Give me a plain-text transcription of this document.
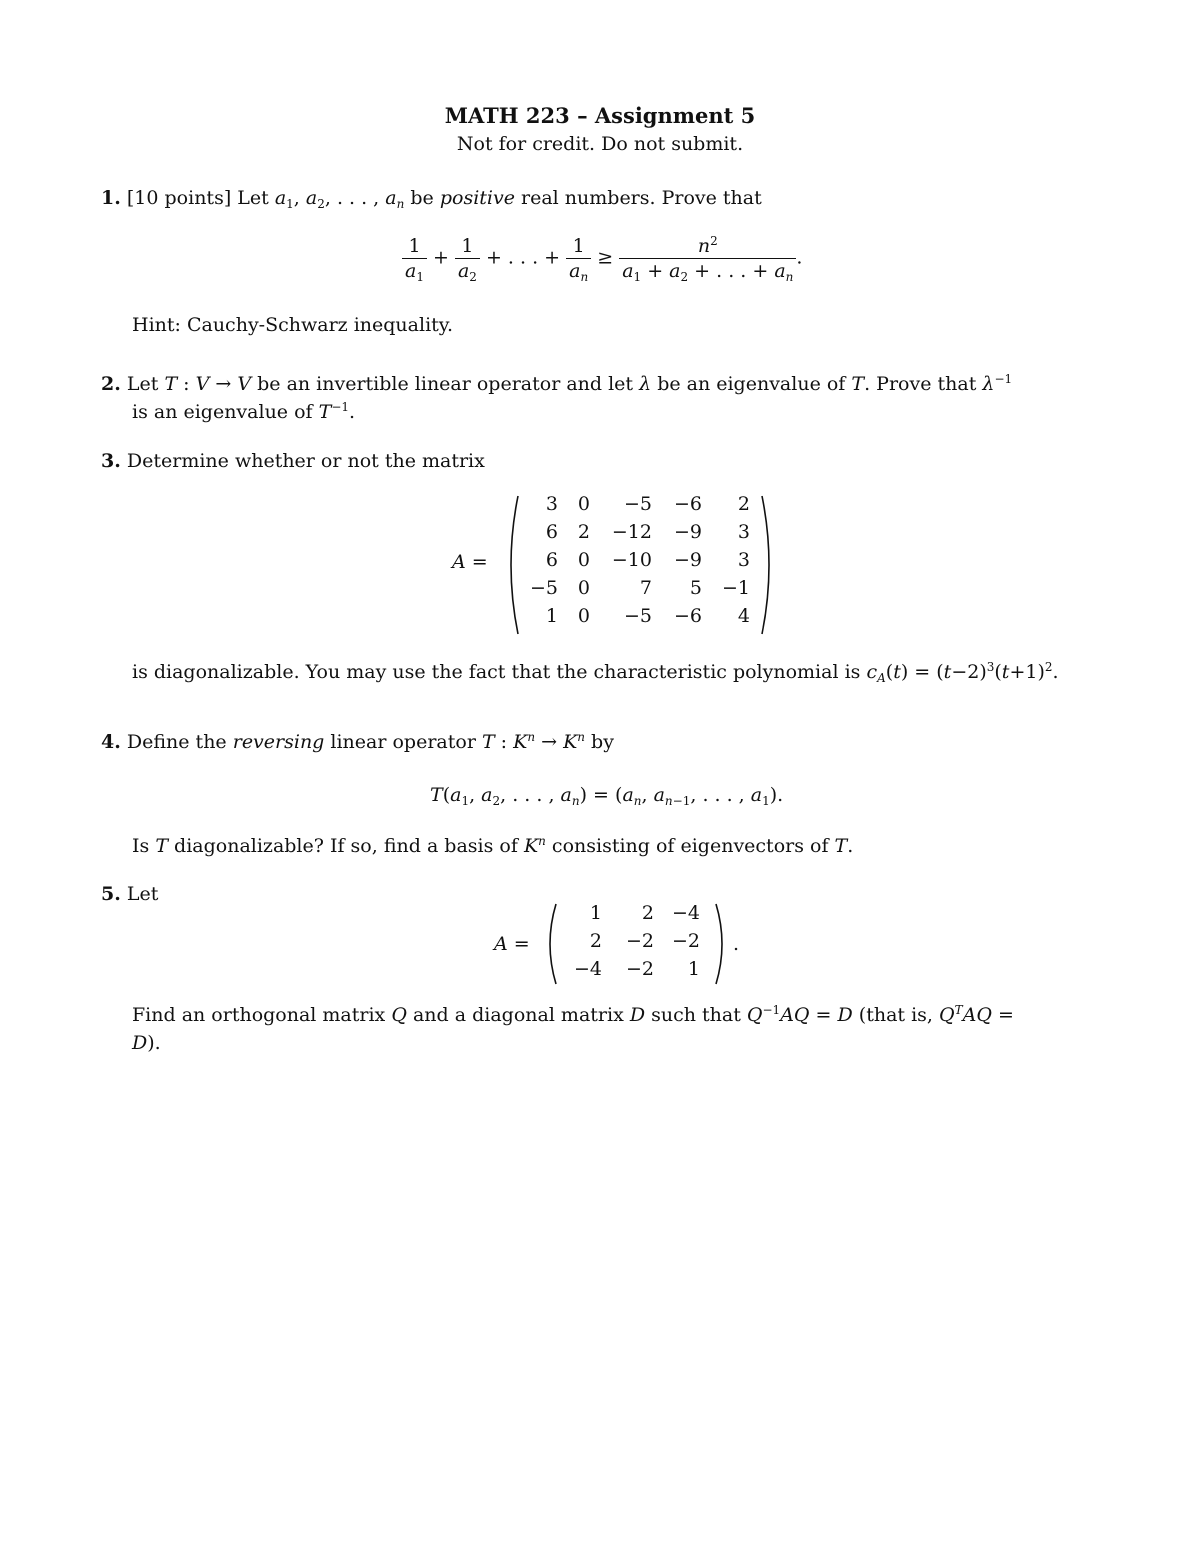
MATH 223 – Assignment 5
Not for credit. Do not submit.
1. [10 points] Let $a_1$, $a_2$, . . . , $a_n$ be positive real numbers. Prove that
$\frac{1}{a_1} + \frac{1}{a_2}$ + . . . + $\frac{1}{a_n} \ge \frac{n^2}{a_1 + a_2 + . . . + a_n}$ .
Hint: Cauchy-Schwarz inequality.
2. Let T : V → V be an invertible linear operator and let λ be an eigenvalue of T. Prove that $\lambda^{-1}$
is an eigenvalue of $T^{-1}$.
3. Determine whether or not the matrix
A =
3	0	−5	−6	2
6	2	−12	−9	3
6	0	−10	−9	3
−5	0	7	5	−1
1	0	−5	−6	4
is diagonalizable. You may use the fact that the characteristic polynomial is $c_A(t) = (t-2)^3(t+1)^2$.
4. Define the reversing linear operator T : $K^n \to K^n$ by
$T(a_1$, $a_2$, . . . , $a_n) = (a_n$, $a_{n-1}$, . . . , $a_1$).
Is T diagonalizable? If so, find a basis of $K^n$ consisting of eigenvectors of T.
5. Let
A =	.
1	2 −4
2	−2 −2
−4	−2	1
Find an orthogonal matrix Q and a diagonal matrix D such that $Q^{-1}AQ = D$ (that is, $Q^TAQ$ =
D).
